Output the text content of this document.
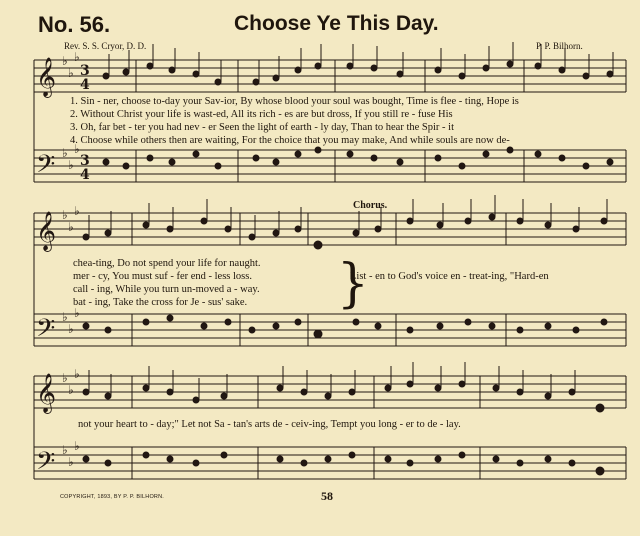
No. 56.	Choose Ye This Day.
Rev. S. S. Cryor, D. D.	P. P. Bilhorn.
𝄞
𝄢
𝄞
𝄢
𝄞
𝄢
♭
♭
♭
♭
♭
♭
♭
♭
♭
♭
♭
♭
♭
♭
♭
♭
♭
♭
3
4
3
4
1. Sin - ner, choose to-day your Sav-ior, By whose blood your soul was bought, Time is flee - ting, Hope is
2. Without Christ your life is wast-ed, All its rich - es are but dross, If you still re - fuse His
3. Oh, far bet - ter you had nev - er Seen the light of earth - ly day, Than to hear the Spir - it
4. Choose while others then are waiting, For the choice that you may make, And while souls are now de-
chea-ting, Do not spend your life for naught.
mer - cy, You must suf - fer end - less loss.
call - ing, While you turn un-moved a - way.
bat - ing, Take the cross for Je - sus' sake. }
Chorus.
List - en to God's voice en - treat-ing, "Hard-en
not your heart to - day;" Let not Sa - tan's arts de - ceiv-ing, Tempt you long - er to de - lay.
COPYRIGHT, 1893, BY P. P. BILHORN.	58
